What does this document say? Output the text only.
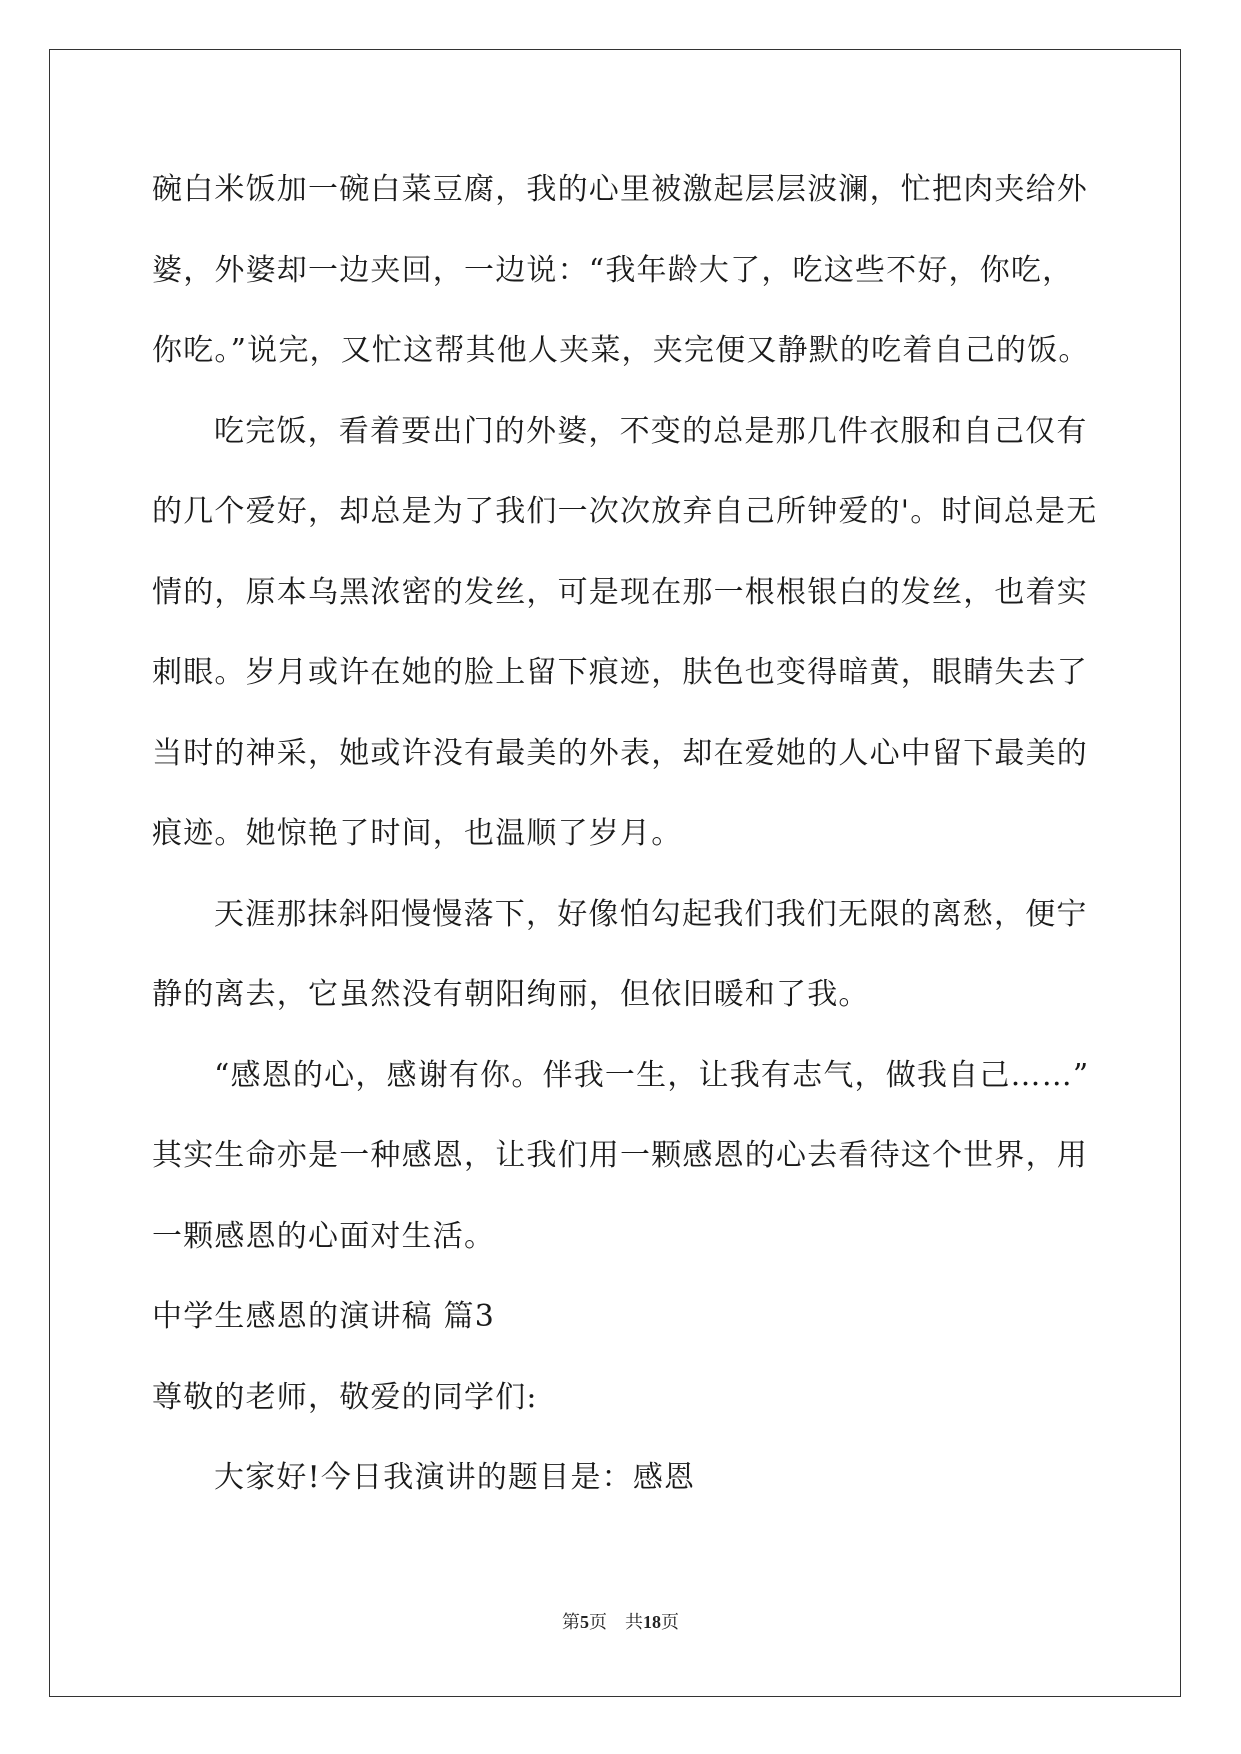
碗白米饭加一碗白菜豆腐，我的心里被激起层层波澜，忙把肉夹给外
婆，外婆却一边夹回，一边说：“我年龄大了，吃这些不好，你吃，
你吃。”说完，又忙这帮其他人夹菜，夹完便又静默的吃着自己的饭。
吃完饭，看着要出门的外婆，不变的总是那几件衣服和自己仅有
的几个爱好，却总是为了我们一次次放弃自己所钟爱的'。时间总是无
情的，原本乌黑浓密的发丝，可是现在那一根根银白的发丝，也着实
刺眼。岁月或许在她的脸上留下痕迹，肤色也变得暗黄，眼睛失去了
当时的神采，她或许没有最美的外表，却在爱她的人心中留下最美的
痕迹。她惊艳了时间，也温顺了岁月。
天涯那抹斜阳慢慢落下，好像怕勾起我们我们无限的离愁，便宁
静的离去，它虽然没有朝阳绚丽，但依旧暖和了我。
“感恩的心，感谢有你。伴我一生，让我有志气，做我自己……”
其实生命亦是一种感恩，让我们用一颗感恩的心去看待这个世界，用
一颗感恩的心面对生活。
中学生感恩的演讲稿 篇3
尊敬的老师，敬爱的同学们:
大家好!今日我演讲的题目是：感恩
第5页 共18页
